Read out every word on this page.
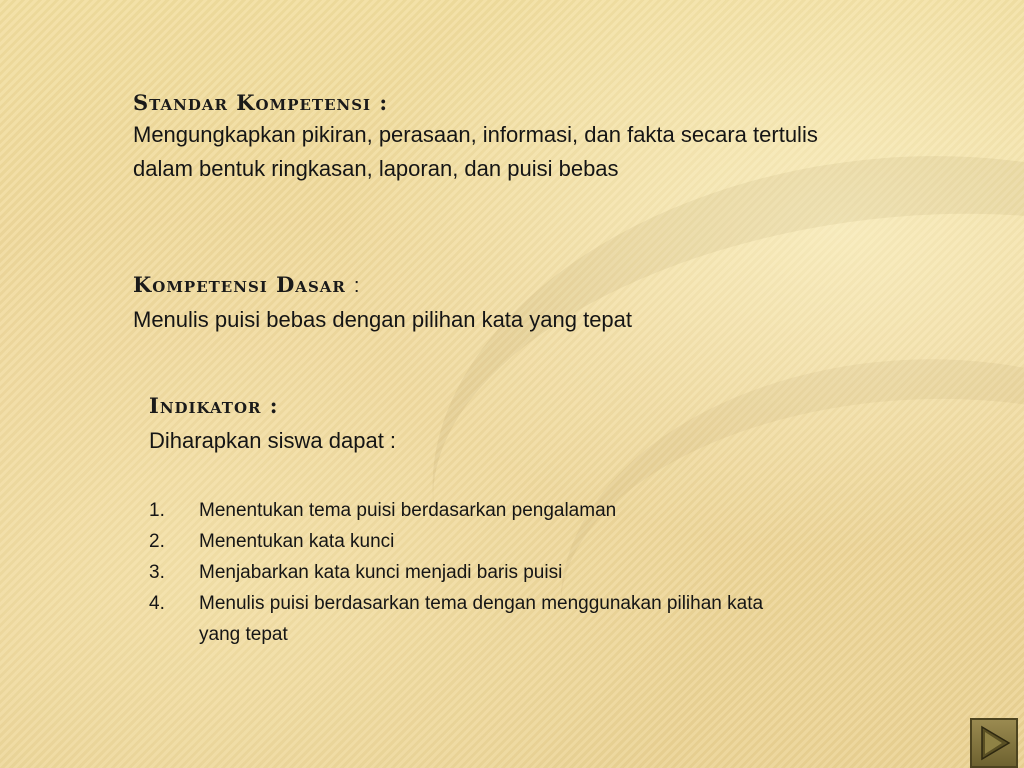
Standar Kompetensi :
Mengungkapkan pikiran, perasaan, informasi, dan fakta secara tertulis dalam bentuk ringkasan, laporan, dan puisi bebas
Kompetensi Dasar :
Menulis puisi bebas dengan pilihan kata yang tepat
Indikator :
Diharapkan siswa dapat :
1.	Menentukan tema puisi berdasarkan pengalaman
2.	Menentukan kata kunci
3.	Menjabarkan kata kunci menjadi baris puisi
4.	Menulis puisi berdasarkan tema dengan menggunakan pilihan kata yang tepat
